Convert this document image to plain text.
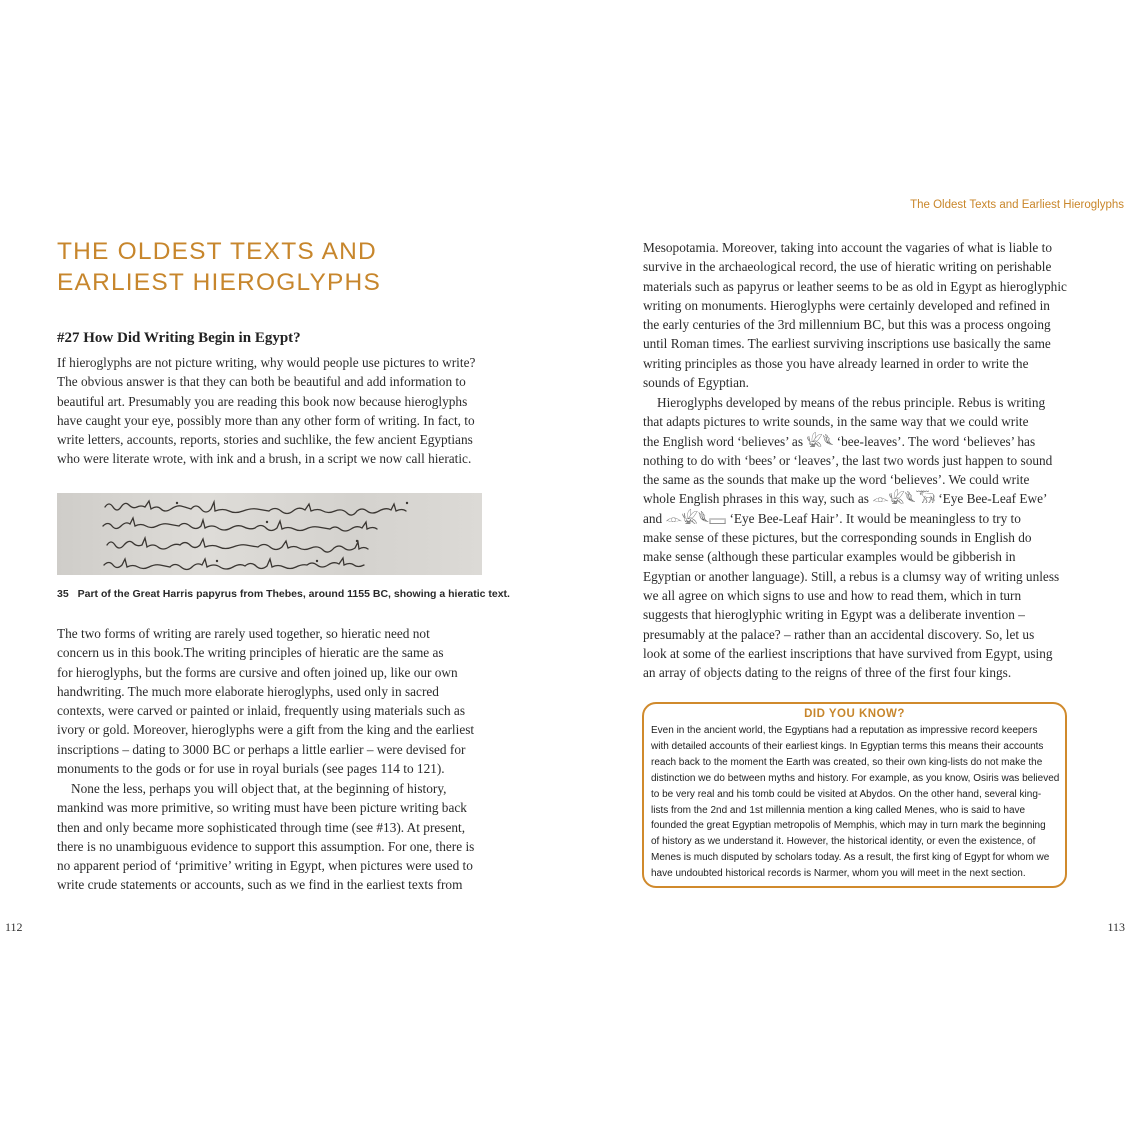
The Oldest Texts and Earliest Hieroglyphs
THE OLDEST TEXTS AND
EARLIEST HIEROGLYPHS
#27 How Did Writing Begin in Egypt?
If hieroglyphs are not picture writing, why would people use pictures to write?
The obvious answer is that they can both be beautiful and add information to
beautiful art. Presumably you are reading this book now because hieroglyphs
have caught your eye, possibly more than any other form of writing. In fact, to
write letters, accounts, reports, stories and suchlike, the few ancient Egyptians
who were literate wrote, with ink and a brush, in a script we now call hieratic.
35 Part of the Great Harris papyrus from Thebes, around 1155 BC, showing a hieratic text.
The two forms of writing are rarely used together, so hieratic need not
concern us in this book.The writing principles of hieratic are the same as
for hieroglyphs, but the forms are cursive and often joined up, like our own
handwriting. The much more elaborate hieroglyphs, used only in sacred
contexts, were carved or painted or inlaid, frequently using materials such as
ivory or gold. Moreover, hieroglyphs were a gift from the king and the earliest
inscriptions – dating to 3000 BC or perhaps a little earlier – were devised for
monuments to the gods or for use in royal burials (see pages 114 to 121).
None the less, perhaps you will object that, at the beginning of history,
mankind was more primitive, so writing must have been picture writing back
then and only became more sophisticated through time (see #13). At present,
there is no unambiguous evidence to support this assumption. For one, there is
no apparent period of ‘primitive’ writing in Egypt, when pictures were used to
write crude statements or accounts, such as we find in the earliest texts from
Mesopotamia. Moreover, taking into account the vagaries of what is liable to
survive in the archaeological record, the use of hieratic writing on perishable
materials such as papyrus or leather seems to be as old in Egypt as hieroglyphic
writing on monuments. Hieroglyphs were certainly developed and refined in
the early centuries of the 3rd millennium BC, but this was a process ongoing
until Roman times. The earliest surviving inscriptions use basically the same
writing principles as those you have already learned in order to write the
sounds of Egyptian.
Hieroglyphs developed by means of the rebus principle. Rebus is writing
that adapts pictures to write sounds, in the same way that we could write
the English word ‘believes’ as 𓆤𓆰 ‘bee-leaves’. The word ‘believes’ has
nothing to do with ‘bees’ or ‘leaves’, the last two words just happen to sound
the same as the sounds that make up the word ‘believes’. We could write
whole English phrases in this way, such as 𓁹𓆤𓆰𓃝 ‘Eye Bee-Leaf Ewe’
and 𓁹𓆤𓆰𓈙 ‘Eye Bee-Leaf Hair’. It would be meaningless to try to
make sense of these pictures, but the corresponding sounds in English do
make sense (although these particular examples would be gibberish in
Egyptian or another language). Still, a rebus is a clumsy way of writing unless
we all agree on which signs to use and how to read them, which in turn
suggests that hieroglyphic writing in Egypt was a deliberate invention –
presumably at the palace? – rather than an accidental discovery. So, let us
look at some of the earliest inscriptions that have survived from Egypt, using
an array of objects dating to the reigns of three of the first four kings.
DID YOU KNOW?
Even in the ancient world, the Egyptians had a reputation as impressive record keepers
with detailed accounts of their earliest kings. In Egyptian terms this means their accounts
reach back to the moment the Earth was created, so their own king-lists do not make the
distinction we do between myths and history. For example, as you know, Osiris was believed
to be very real and his tomb could be visited at Abydos. On the other hand, several king-
lists from the 2nd and 1st millennia mention a king called Menes, who is said to have
founded the great Egyptian metropolis of Memphis, which may in turn mark the beginning
of history as we understand it. However, the historical identity, or even the existence, of
Menes is much disputed by scholars today. As a result, the first king of Egypt for whom we
have undoubted historical records is Narmer, whom you will meet in the next section.
112	113
